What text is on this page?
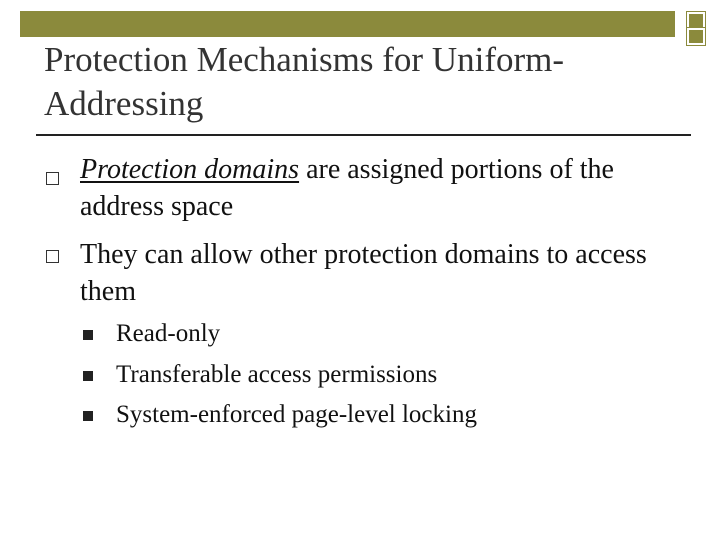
Protection Mechanisms for Uniform-Addressing
Protection domains are assigned portions of the address space
They can allow other protection domains to access them
Read-only
Transferable access permissions
System-enforced page-level locking
